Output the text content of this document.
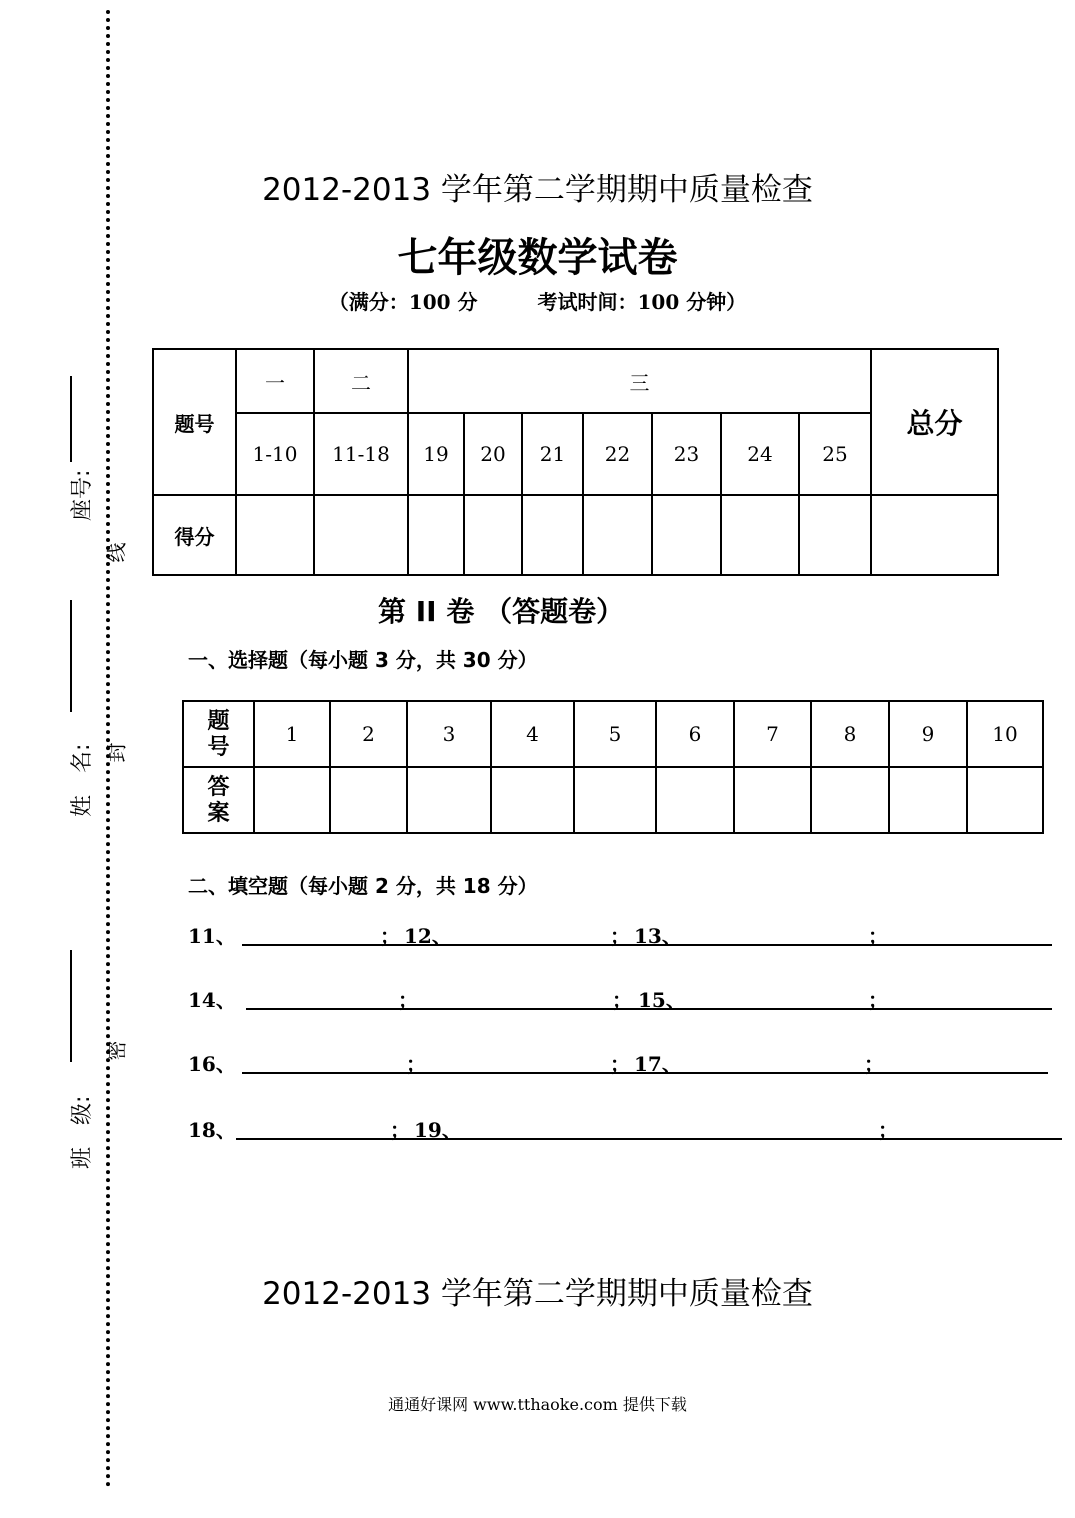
座号:
姓　名:
班　级:
线
封
密
2012-2013 学年第二学期期中质量检查
七年级数学试卷
（满分：100 分　　　考试时间：100 分钟）
题号	一	二	三							总分
	1-10	11-18	19	20	21	22	23	24	25	
得分										
第 II 卷 （答题卷）
一、选择题（每小题 3 分，共 30 分）
题
号	1	2	3	4	5	6	7	8	9	10
答
案										
二、填空题（每小题 2 分，共 18 分）
11、	； 12、	； 13、	；
14、	；	； 15、	；
16、	；	； 17、	；
18、	； 19、	；
2012-2013 学年第二学期期中质量检查
通通好课网 www.tthaoke.com 提供下载
